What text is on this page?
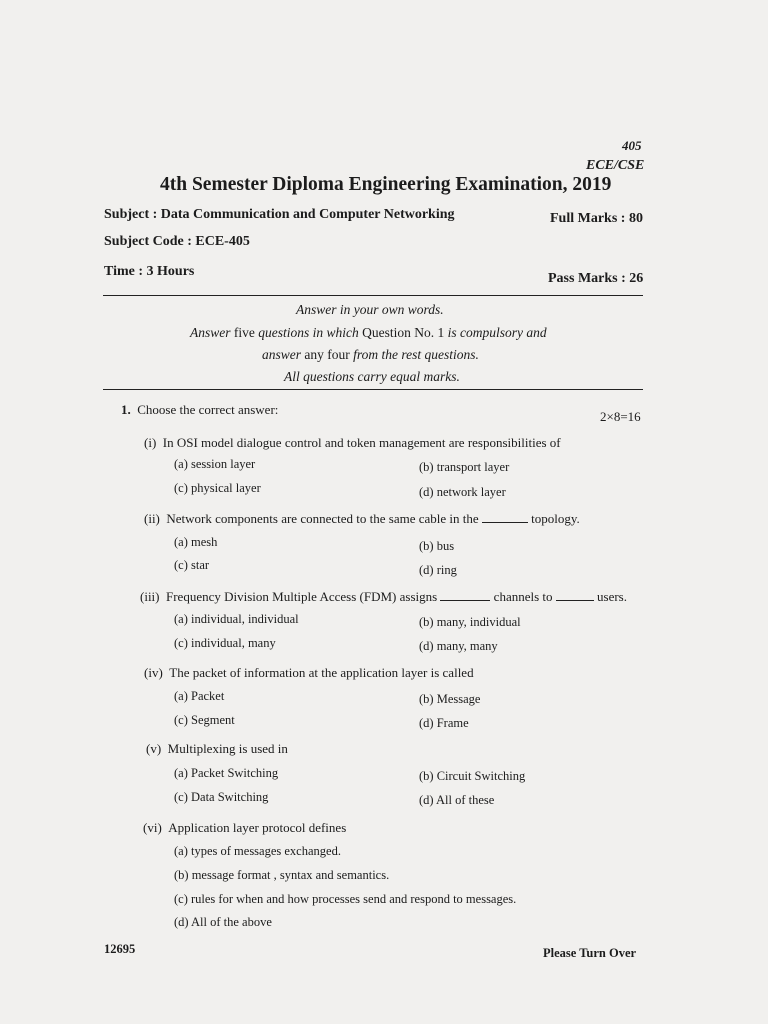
405
ECE/CSE
4th Semester Diploma Engineering Examination, 2019
Subject : Data Communication and Computer Networking	Full Marks : 80
Subject Code : ECE-405
Time : 3 Hours	Pass Marks : 26
Answer in your own words.
Answer five questions in which Question No. 1 is compulsory and
answer any four from the rest questions.
All questions carry equal marks.
1. Choose the correct answer:	2×8=16
(i) In OSI model dialogue control and token management are responsibilities of
(a) session layer	(b) transport layer
(c) physical layer	(d) network layer
(ii) Network components are connected to the same cable in the	topology.
(a) mesh	(b) bus
(c) star	(d) ring
(iii) Frequency Division Multiple Access (FDM) assigns	channels to	users.
(a) individual, individual	(b) many, individual
(c) individual, many	(d) many, many
(iv) The packet of information at the application layer is called
(a) Packet	(b) Message
(c) Segment	(d) Frame
(v) Multiplexing is used in
(a) Packet Switching	(b) Circuit Switching
(c) Data Switching	(d) All of these
(vi) Application layer protocol defines
(a) types of messages exchanged.
(b) message format , syntax and semantics.
(c) rules for when and how processes send and respond to messages.
(d) All of the above
12695	Please Turn Over
